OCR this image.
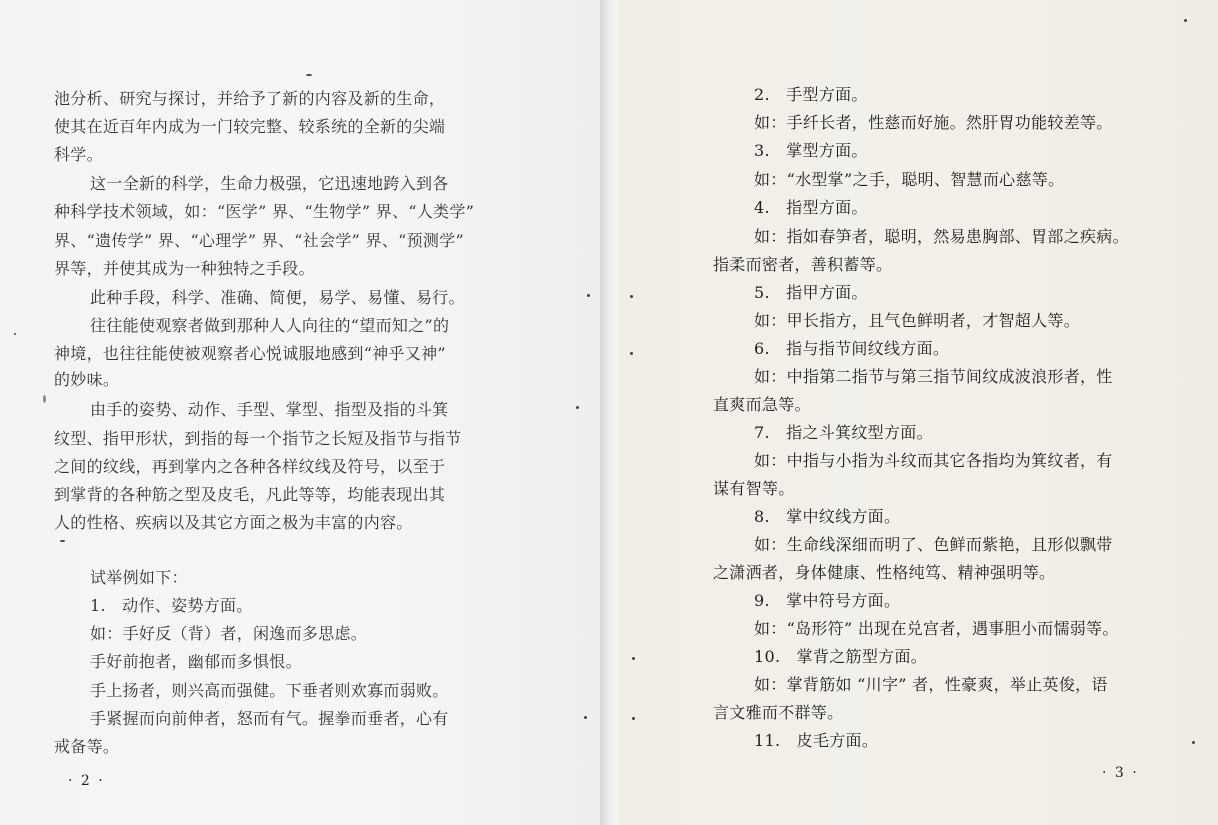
池分析、研究与探讨，并给予了新的内容及新的生命，
使其在近百年内成为一门较完整、较系统的全新的尖端
科学。
这一全新的科学，生命力极强，它迅速地跨入到各
种科学技术领域，如：“医学” 界、“生物学” 界、“人类学”
界、“遗传学” 界、“心理学” 界、“社会学” 界、“预测学”
界等，并使其成为一种独特之手段。
此种手段，科学、准确、简便，易学、易懂、易行。
往往能使观察者做到那种人人向往的“望而知之”的
神境，也往往能使被观察者心悦诚服地感到“神乎又神”
的妙味。
由手的姿势、动作、手型、掌型、指型及指的斗箕
纹型、指甲形状，到指的每一个指节之长短及指节与指节
之间的纹线，再到掌内之各种各样纹线及符号，以至于
到掌背的各种筋之型及皮毛，凡此等等，均能表现出其
人的性格、疾病以及其它方面之极为丰富的内容。
试举例如下：
1.　动作、姿势方面。
如：手好反（背）者，闲逸而多思虑。
手好前抱者，幽郁而多惧恨。
手上扬者，则兴高而强健。下垂者则欢寡而弱败。
手紧握而向前伸者，怒而有气。握拳而垂者，心有
戒备等。
· 2 ·
2.　手型方面。
如：手纤长者，性慈而好施。然肝胃功能较差等。
3.　掌型方面。
如：“水型掌”之手，聪明、智慧而心慈等。
4.　指型方面。
如：指如春笋者，聪明，然易患胸部、胃部之疾病。
指柔而密者，善积蓄等。
5.　指甲方面。
如：甲长指方，且气色鲜明者，才智超人等。
6.　指与指节间纹线方面。
如：中指第二指节与第三指节间纹成波浪形者，性
直爽而急等。
7.　指之斗箕纹型方面。
如：中指与小指为斗纹而其它各指均为箕纹者，有
谋有智等。
8.　掌中纹线方面。
如：生命线深细而明了、色鲜而紫艳，且形似飘带
之潇洒者，身体健康、性格纯笃、精神强明等。
9.　掌中符号方面。
如：“岛形符” 出现在兑宫者，遇事胆小而懦弱等。
10.　掌背之筋型方面。
如：掌背筋如 “川字” 者，性豪爽，举止英俊，语
言文雅而不群等。
11.　皮毛方面。
· 3 ·
